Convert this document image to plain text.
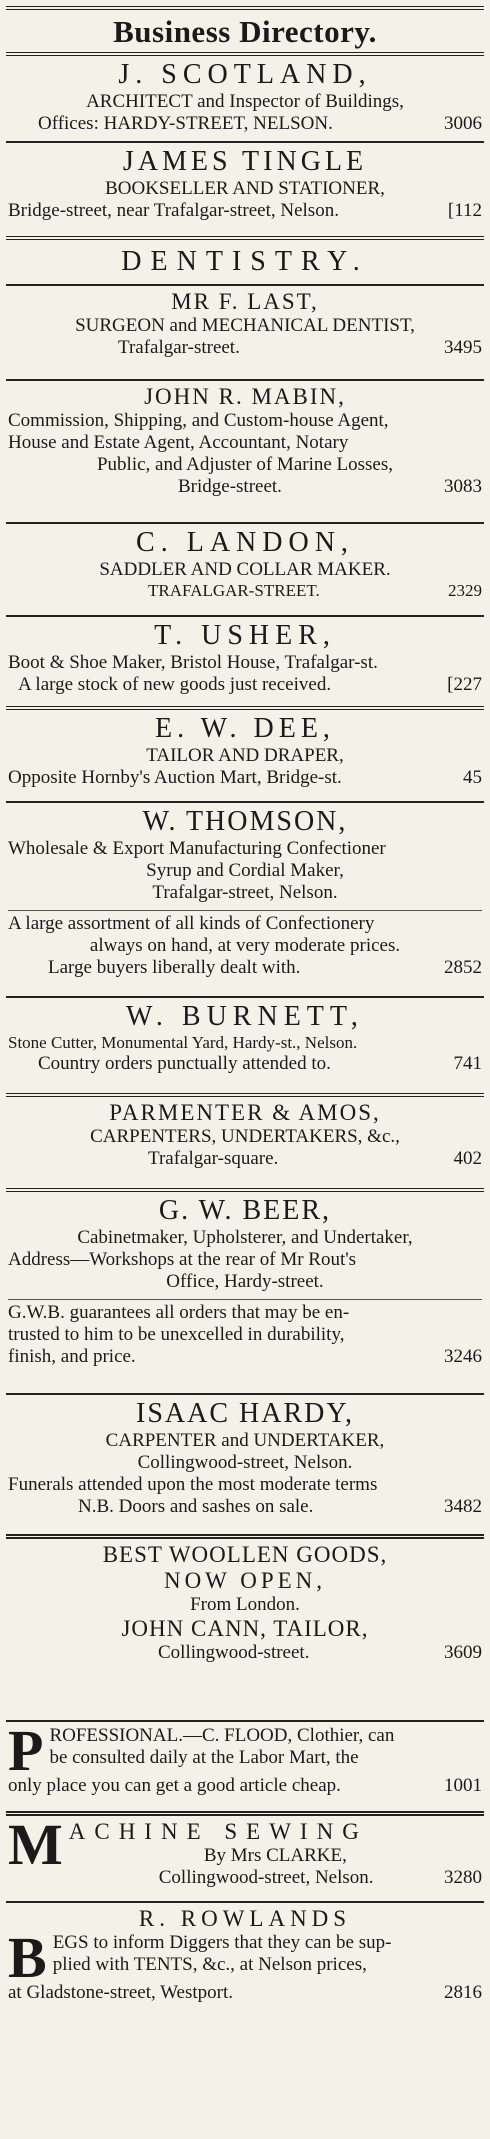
Business Directory.
J. SCOTLAND,
ARCHITECT and Inspector of Buildings,
Offices: HARDY-STREET, NELSON.	3006
JAMES TINGLE
BOOKSELLER AND STATIONER,
Bridge-street, near Trafalgar-street, Nelson.	[112
DENTISTRY.
MR F. LAST,
SURGEON and MECHANICAL DENTIST,
Trafalgar-street.	3495
JOHN R. MABIN,
Commission, Shipping, and Custom-house Agent,
House and Estate Agent, Accountant, Notary
Public, and Adjuster of Marine Losses,
Bridge-street.	3083
C. LANDON,
SADDLER AND COLLAR MAKER.
TRAFALGAR-STREET.	2329
T. USHER,
Boot & Shoe Maker, Bristol House, Trafalgar-st.
A large stock of new goods just received.	[227
E. W. DEE,
TAILOR AND DRAPER,
Opposite Hornby's Auction Mart, Bridge-st.	45
W. THOMSON,
Wholesale & Export Manufacturing Confectioner
Syrup and Cordial Maker,
Trafalgar-street, Nelson.
A large assortment of all kinds of Confectionery
always on hand, at very moderate prices.
Large buyers liberally dealt with.	2852
W. BURNETT,
Stone Cutter, Monumental Yard, Hardy-st., Nelson.
Country orders punctually attended to.	741
PARMENTER & AMOS,
CARPENTERS, UNDERTAKERS, &c.,
Trafalgar-square.	402
G. W. BEER,
Cabinetmaker, Upholsterer, and Undertaker,
Address—Workshops at the rear of Mr Rout's
Office, Hardy-street.
G.W.B. guarantees all orders that may be en-
trusted to him to be unexcelled in durability,
finish, and price.	3246
ISAAC HARDY,
CARPENTER and UNDERTAKER,
Collingwood-street, Nelson.
Funerals attended upon the most moderate terms
N.B. Doors and sashes on sale.	3482
BEST WOOLLEN GOODS,
NOW OPEN,
From London.
JOHN CANN, TAILOR,
Collingwood-street.	3609
P ROFESSIONAL.—C. FLOOD, Clothier, can
be consulted daily at the Labor Mart, the
only place you can get a good article cheap.	1001
M ACHINE SEWING
By Mrs CLARKE,
Collingwood-street, Nelson.	3280
R. ROWLANDS
B EGS to inform Diggers that they can be sup-
plied with TENTS, &c., at Nelson prices,
at Gladstone-street, Westport.	2816
